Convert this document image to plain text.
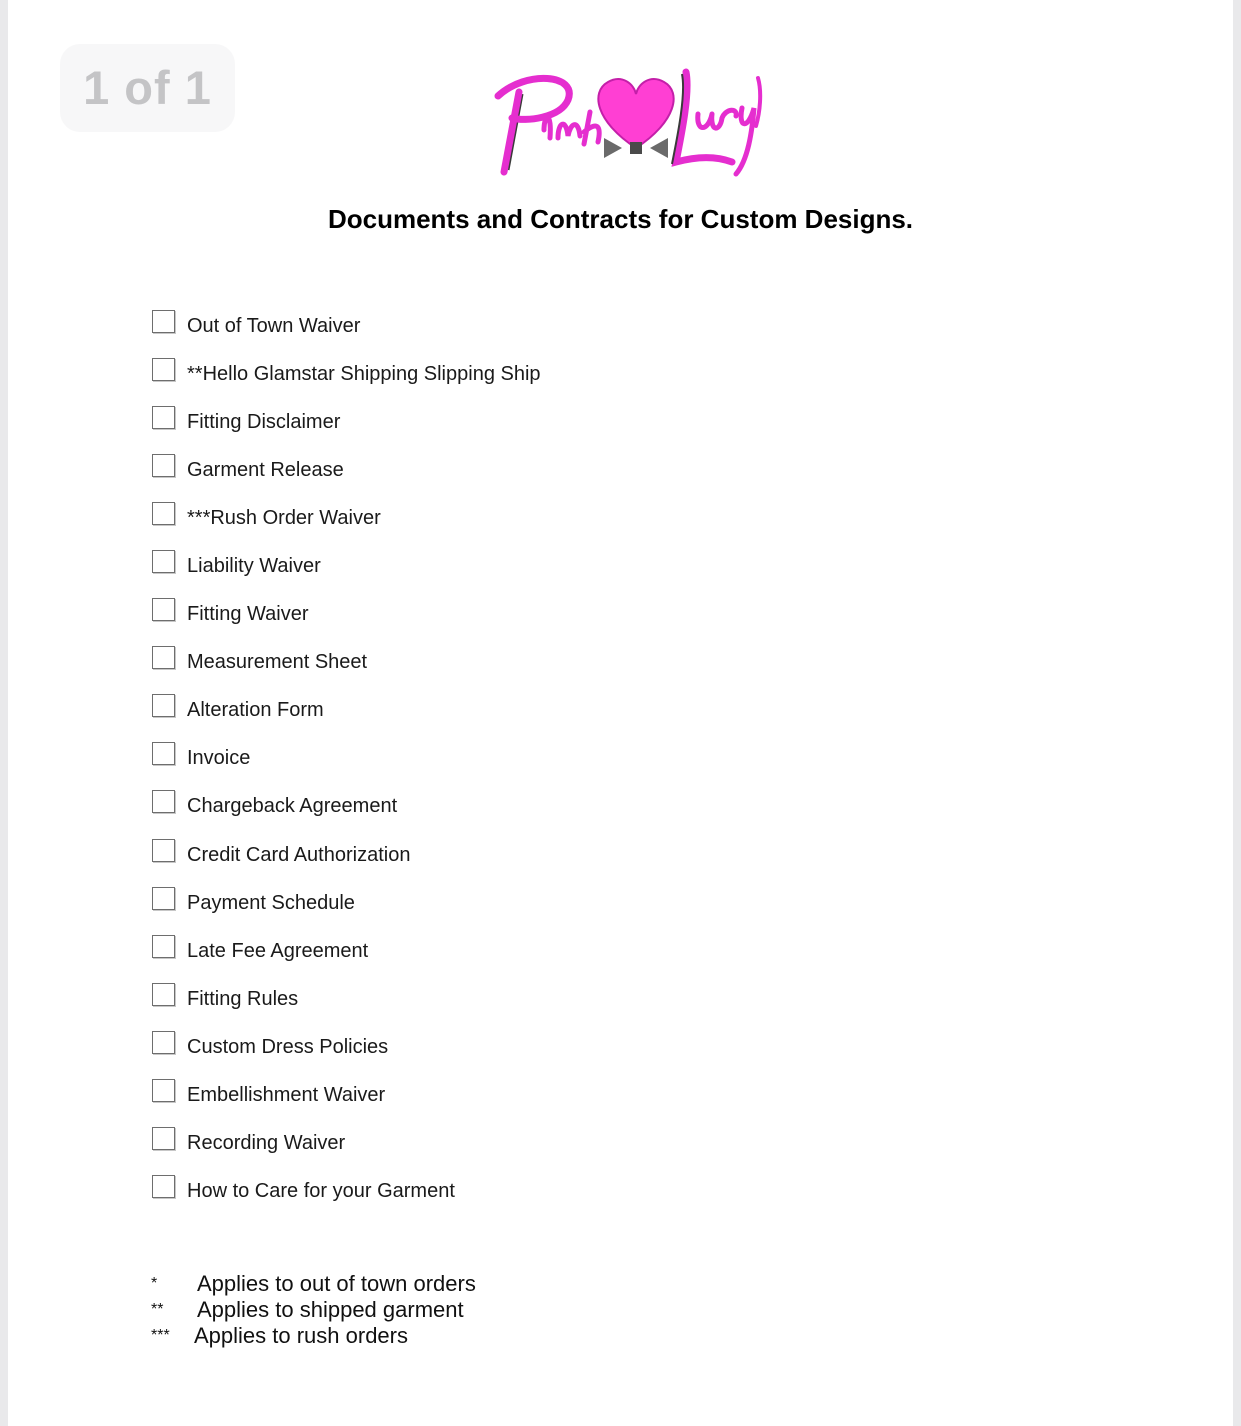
1 of 1
Documents and Contracts for Custom Designs.
Out of Town Waiver
**Hello Glamstar Shipping Slipping Ship
Fitting Disclaimer
Garment Release
***Rush Order Waiver
Liability Waiver
Fitting Waiver
Measurement Sheet
Alteration Form
Invoice
Chargeback Agreement
Credit Card Authorization
Payment Schedule
Late Fee Agreement
Fitting Rules
Custom Dress Policies
Embellishment Waiver
Recording Waiver
How to Care for your Garment
*	Applies to out of town orders
**	Applies to shipped garment
***	Applies to rush orders
